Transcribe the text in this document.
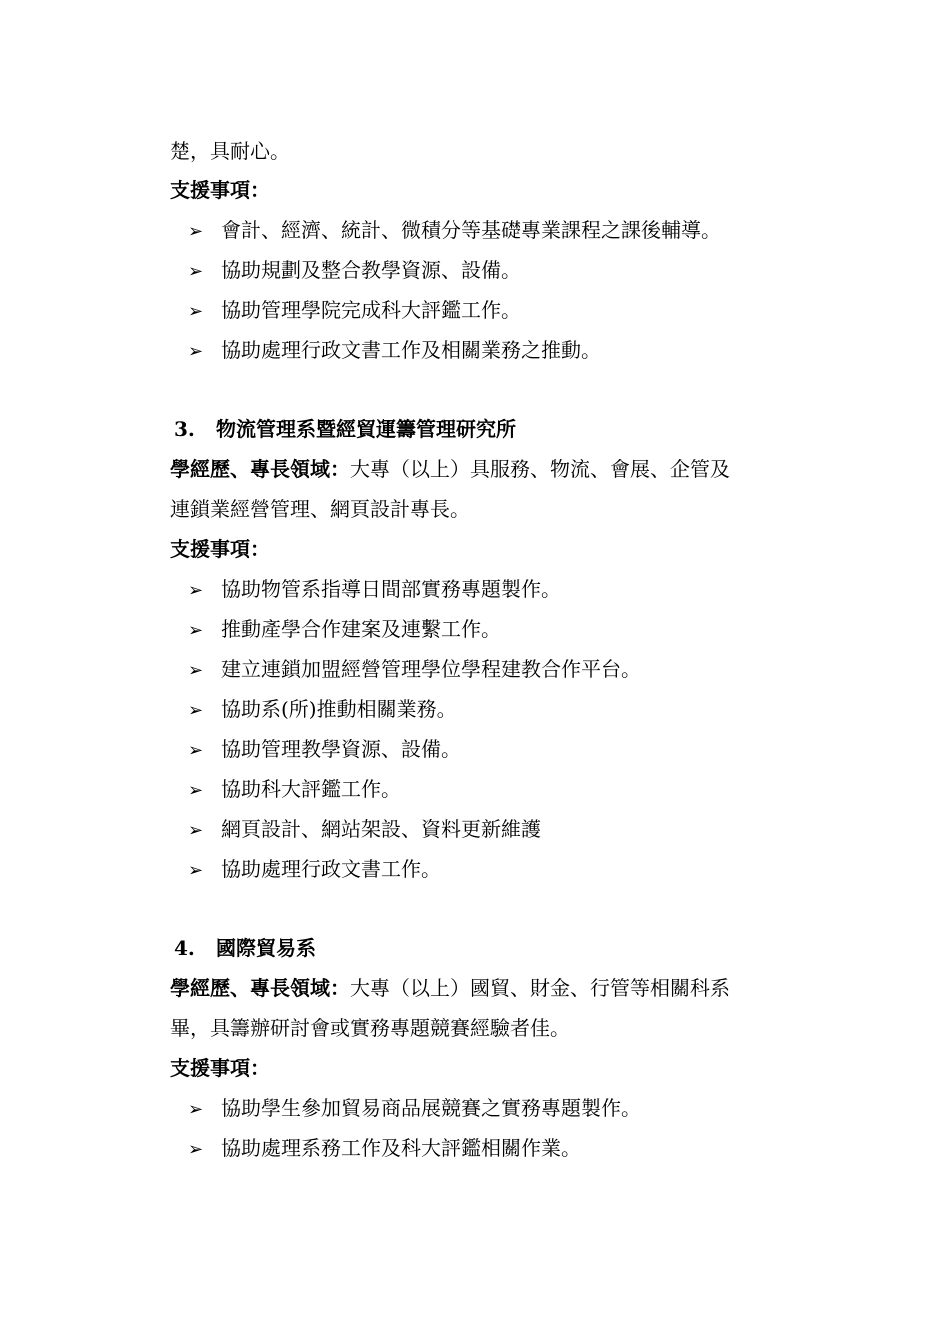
楚，具耐心。
支援事項：
➢ 會計、經濟、統計、微積分等基礎專業課程之課後輔導。
➢ 協助規劃及整合教學資源、設備。
➢ 協助管理學院完成科大評鑑工作。
➢ 協助處理行政文書工作及相關業務之推動。
3. 物流管理系暨經貿運籌管理研究所
學經歷、專長領域：大專（以上）具服務、物流、會展、企管及
連鎖業經營管理、網頁設計專長。
支援事項：
➢ 協助物管系指導日間部實務專題製作。
➢ 推動產學合作建案及連繫工作。
➢ 建立連鎖加盟經營管理學位學程建教合作平台。
➢ 協助系(所)推動相關業務。
➢ 協助管理教學資源、設備。
➢ 協助科大評鑑工作。
➢ 網頁設計、網站架設、資料更新維護
➢ 協助處理行政文書工作。
4. 國際貿易系
學經歷、專長領域：大專（以上）國貿、財金、行管等相關科系
畢，具籌辦研討會或實務專題競賽經驗者佳。
支援事項：
➢ 協助學生參加貿易商品展競賽之實務專題製作。
➢ 協助處理系務工作及科大評鑑相關作業。
